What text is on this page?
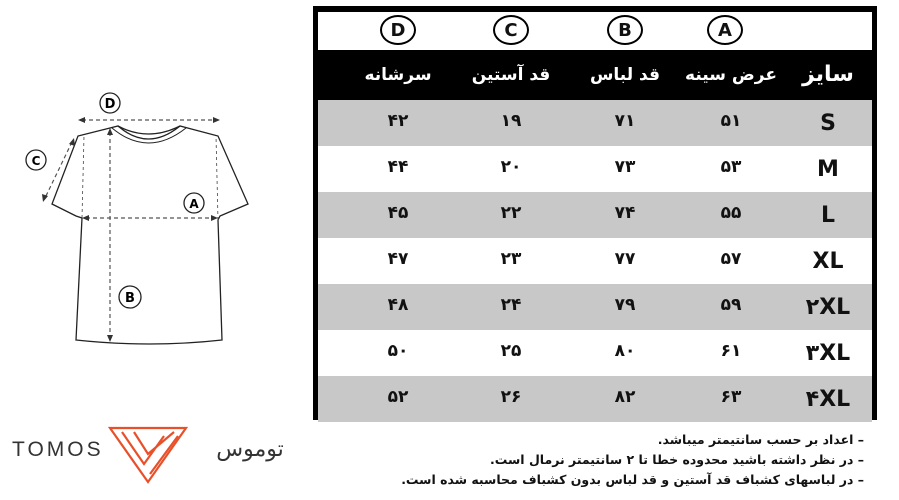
D
C
A
B
D	C	B	A
سرشانه	قد آستین	قد لباس	عرض سینه	سایز
۴۲	۱۹	۷۱	۵۱	S
۴۴	۲۰	۷۳	۵۳	M
۴۵	۲۲	۷۴	۵۵	L
۴۷	۲۳	۷۷	۵۷	XL
۴۸	۲۴	۷۹	۵۹	۲XL
۵۰	۲۵	۸۰	۶۱	۳XL
۵۲	۲۶	۸۲	۶۳	۴XL
– اعداد بر حسب سانتیمتر میباشد.
– در نظر داشته باشید محدوده خطا تا ۲ سانتیمتر نرمال است.
– در لباسهای کشباف قد آستین و قد لباس بدون کشباف محاسبه شده است.
TOMOS	توموس
